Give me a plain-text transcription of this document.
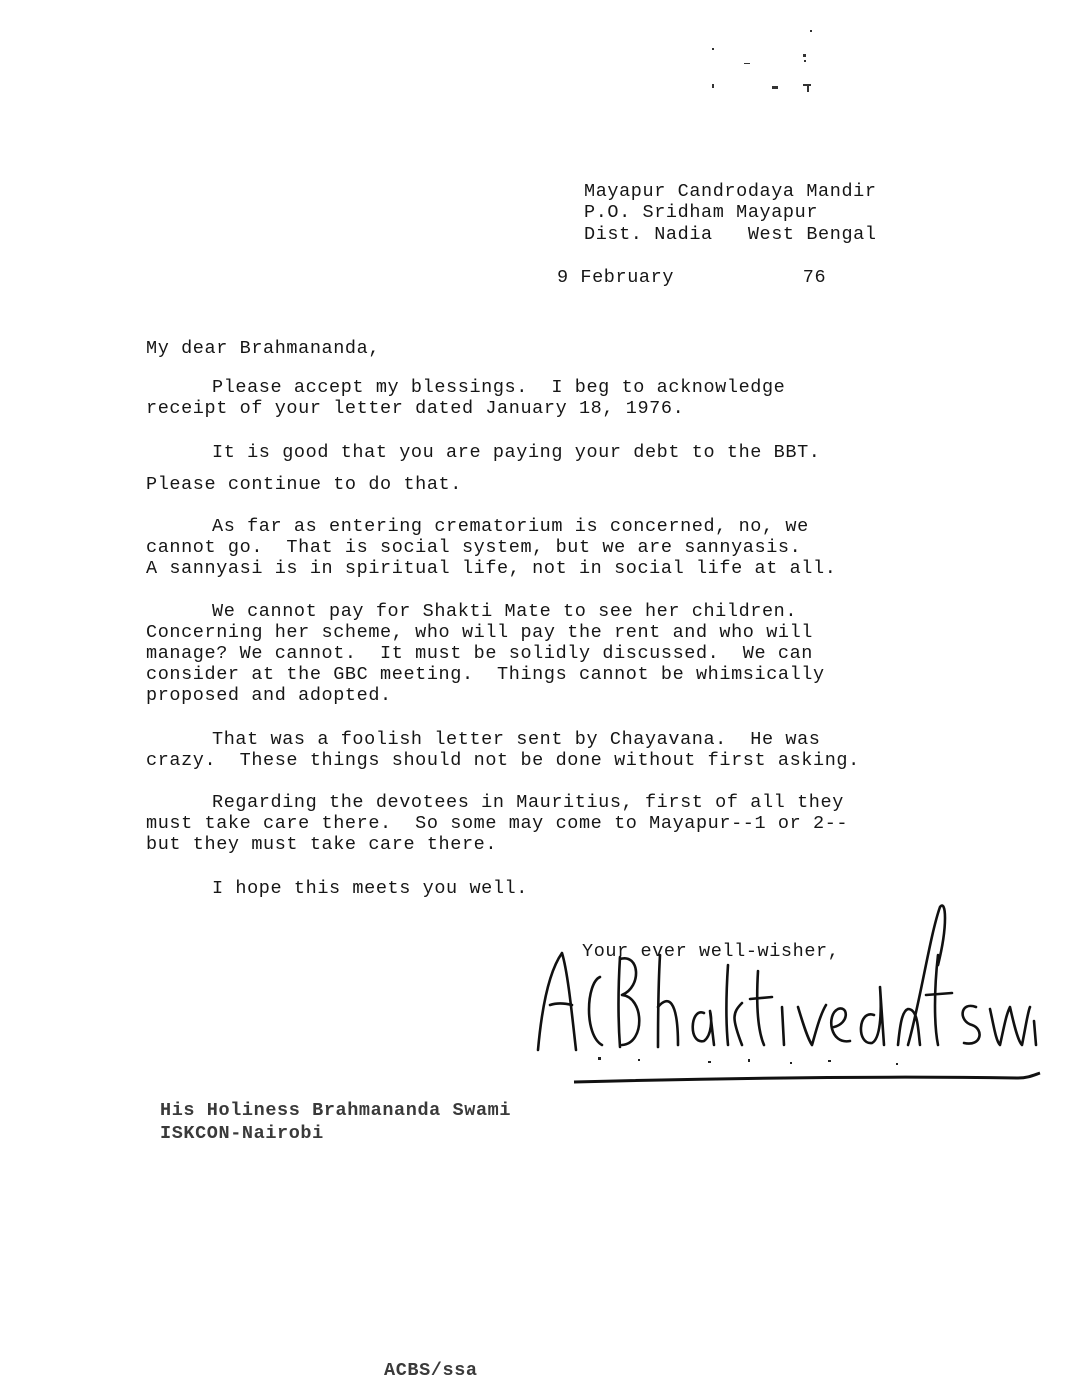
Mayapur Candrodaya Mandir
P.O. Sridham Mayapur
Dist. Nadia   West Bengal
9 February           76
My dear Brahmananda,
Please accept my blessings.  I beg to acknowledge
receipt of your letter dated January 18, 1976.
It is good that you are paying your debt to the BBT.
Please continue to do that.
As far as entering crematorium is concerned, no, we
cannot go.  That is social system, but we are sannyasis.
A sannyasi is in spiritual life, not in social life at all.
We cannot pay for Shakti Mate to see her children.
Concerning her scheme, who will pay the rent and who will
manage? We cannot.  It must be solidly discussed.  We can
consider at the GBC meeting.  Things cannot be whimsically
proposed and adopted.
That was a foolish letter sent by Chayavana.  He was
crazy.  These things should not be done without first asking.
Regarding the devotees in Mauritius, first of all they
must take care there.  So some may come to Mayapur--1 or 2--
but they must take care there.
I hope this meets you well.
Your ever well-wisher,
His Holiness Brahmananda Swami
ISKCON-Nairobi
ACBS/ssa
